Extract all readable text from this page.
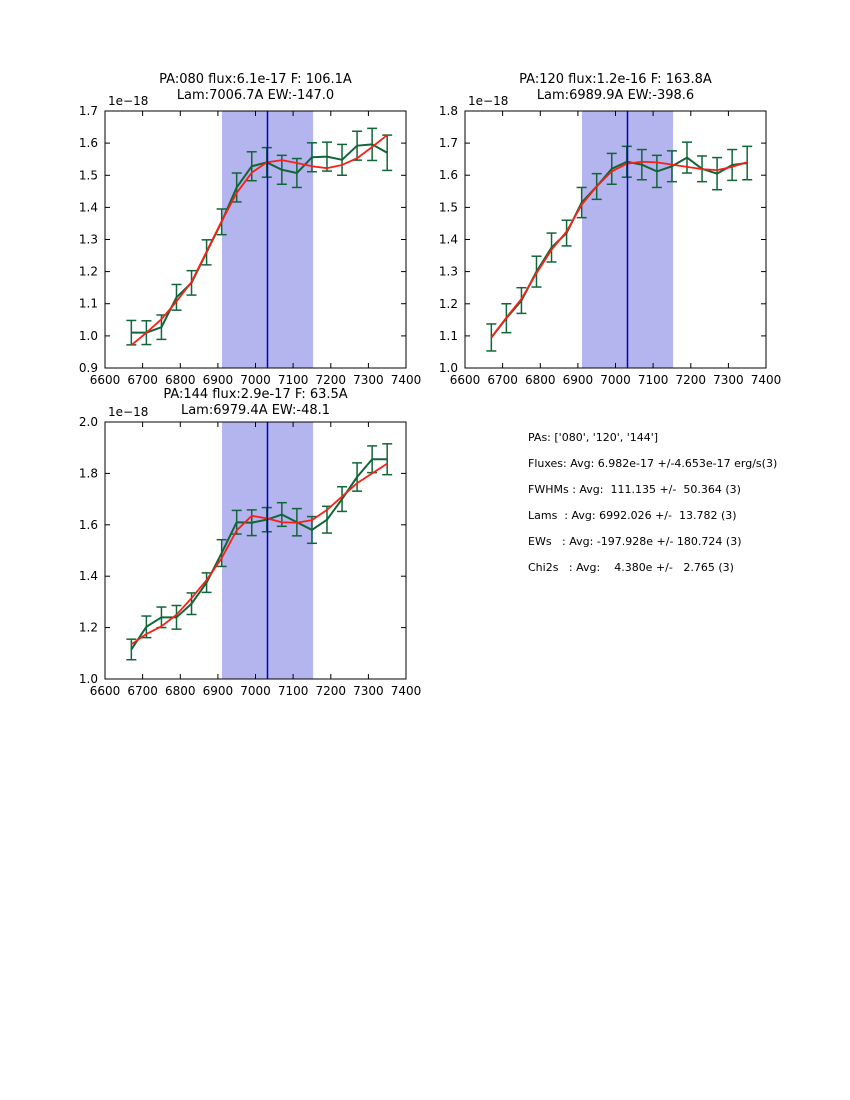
PA:080 flux:6.1e-17 F: 106.1A
Lam:7006.7A EW:-147.0
1e−18
6600 6700 6800 6900 7000 7100 7200 7300 7400
0.9
1.0
1.1
1.2
1.3
1.4
1.5
1.6
1.7
PA:120 flux:1.2e-16 F: 163.8A
Lam:6989.9A EW:-398.6
1e−18
6600 6700 6800 6900 7000 7100 7200 7300 7400
1.0
1.1
1.2
1.3
1.4
1.5
1.6
1.7
1.8
PA:144 flux:2.9e-17 F: 63.5A
Lam:6979.4A EW:-48.1
1e−18
6600 6700 6800 6900 7000 7100 7200 7300 7400
1.0
1.2
1.4
1.6
1.8
2.0
PAs: ['080', '120', '144']
Fluxes: Avg: 6.982e-17 +/-4.653e-17 erg/s(3)
FWHMs : Avg:  111.135 +/-  50.364 (3)
Lams  : Avg: 6992.026 +/-  13.782 (3)
EWs   : Avg: -197.928e +/- 180.724 (3)
Chi2s   : Avg:    4.380e +/-   2.765 (3)
